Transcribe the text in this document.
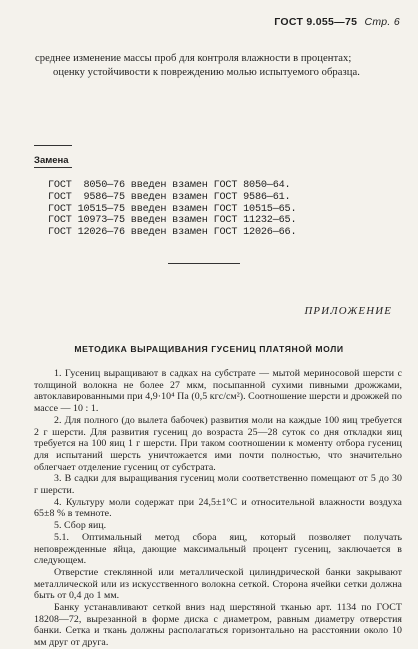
ГОСТ 9.055—75 Стр. 6
среднее изменение массы проб для контроля влажности в процентах;
оценку устойчивости к повреждению молью испытуемого образца.
Замена
ГОСТ  8050—76 введен взамен ГОСТ 8050—64.
ГОСТ  9586—75 введен взамен ГОСТ 9586—61.
ГОСТ 10515—75 введен взамен ГОСТ 10515—65.
ГОСТ 10973—75 введен взамен ГОСТ 11232—65.
ГОСТ 12026—76 введен взамен ГОСТ 12026—66.
ПРИЛОЖЕНИЕ
МЕТОДИКА ВЫРАЩИВАНИЯ ГУСЕНИЦ ПЛАТЯНОЙ МОЛИ
1. Гусениц выращивают в садках на субстрате — мытой мериносовой шерсти с толщиной волокна не более 27 мкм, посыпанной сухими пивными дрожжами, автоклавированными при 4,9·10⁴ Па (0,5 кгс/см²). Соотношение шерсти и дрожжей по массе — 10 : 1.
2. Для полного (до вылета бабочек) развития моли на каждые 100 яиц требуется 2 г шерсти. Для развития гусениц до возраста 25—28 суток со дня откладки яиц требуется на 100 яиц 1 г шерсти. При таком соотношении к моменту отбора гусениц для испытаний шерсть уничтожается ими почти полностью, что значительно облегчает отделение гусениц от субстрата.
3. В садки для выращивания гусениц моли соответственно помещают от 5 до 30 г шерсти.
4. Культуру моли содержат при 24,5±1°С и относительной влажности воздуха 65±8 % в темноте.
5. Сбор яиц.
5.1. Оптимальный метод сбора яиц, который позволяет получать неповрежденные яйца, дающие максимальный процент гусениц, заключается в следующем.
Отверстие стеклянной или металлической цилиндрической банки закрывают металлической или из искусственного волокна сеткой. Сторона ячейки сетки должна быть от 0,4 до 1 мм.
Банку устанавливают сеткой вниз над шерстяной тканью арт. 1134 по ГОСТ 18208—72, вырезанной в форме диска с диаметром, равным диаметру отверстия банки. Сетка и ткань должны располагаться горизонтально на расстоянии около 10 мм друг от друга.
